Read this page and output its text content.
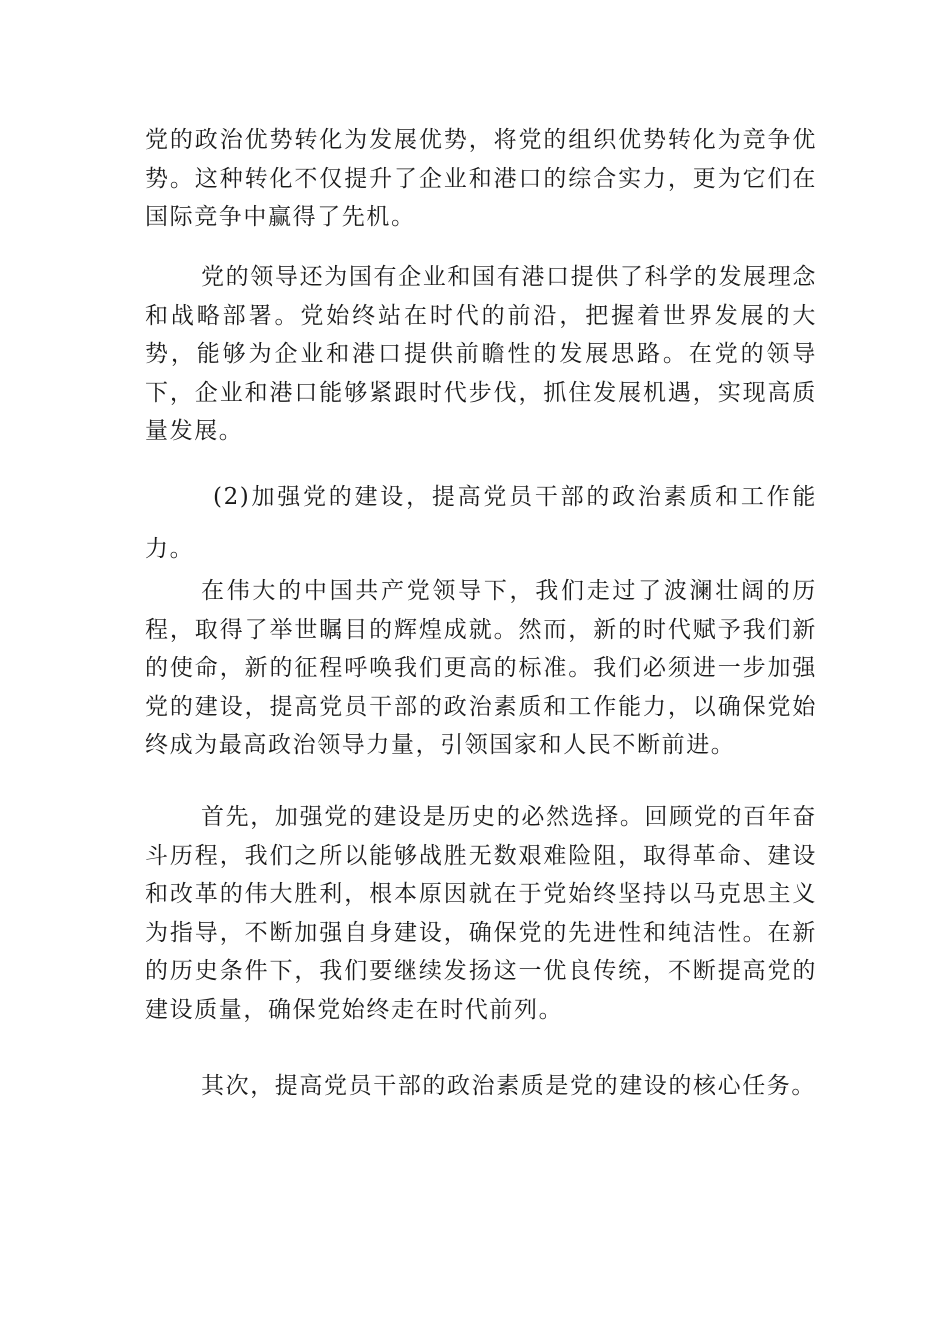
党的政治优势转化为发展优势，将党的组织优势转化为竞争优势。这种转化不仅提升了企业和港口的综合实力，更为它们在国际竞争中赢得了先机。

党的领导还为国有企业和国有港口提供了科学的发展理念和战略部署。党始终站在时代的前沿，把握着世界发展的大势，能够为企业和港口提供前瞻性的发展思路。在党的领导下，企业和港口能够紧跟时代步伐，抓住发展机遇，实现高质量发展。

(2)加强党的建设，提高党员干部的政治素质和工作能力。

在伟大的中国共产党领导下，我们走过了波澜壮阔的历程，取得了举世瞩目的辉煌成就。然而，新的时代赋予我们新的使命，新的征程呼唤我们更高的标准。我们必须进一步加强党的建设，提高党员干部的政治素质和工作能力，以确保党始终成为最高政治领导力量，引领国家和人民不断前进。

首先，加强党的建设是历史的必然选择。回顾党的百年奋斗历程，我们之所以能够战胜无数艰难险阻，取得革命、建设和改革的伟大胜利，根本原因就在于党始终坚持以马克思主义为指导，不断加强自身建设，确保党的先进性和纯洁性。在新的历史条件下，我们要继续发扬这一优良传统，不断提高党的建设质量，确保党始终走在时代前列。

其次，提高党员干部的政治素质是党的建设的核心任务。
